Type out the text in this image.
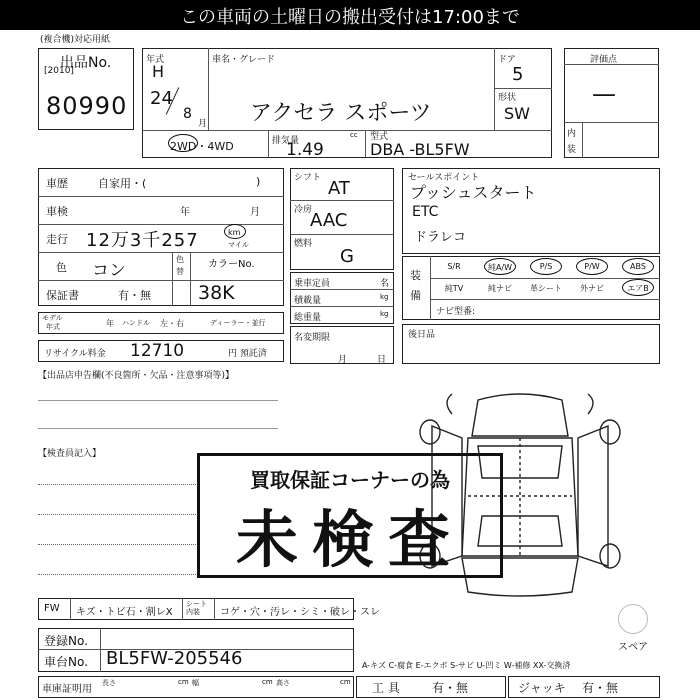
この車両の土曜日の搬出受付は17:00まで
(複合機)対応用紙
出品No.
[2010]
80990
年式
H
24
8
月
車名・グレード
アクセラ スポーツ
ドア
5
形状
SW
2WD・4WD	排気量
cc
1.49
型式
DBA -BL5FW
評価点
—
内
装
車歴	自家用・(	)
車検	年	月
走行 12万3千257	km
マイル
色 コン
色
替
カラーNo.
保証書	有・無 38K
モデル
年式	年 ハンドル 左・右	ディーラー・並行
リサイクル料金 12710	円 預託済
シフト AT
冷房
AAC
燃料
G
乗車定員	名
積載量	kg
総重量	kg
名変期限
月日
セールスポイント
プッシュスタート
ETC
ドラレコ
装備
S/R	純A/W	P/S	P/W	ABS
純TV	純ナビ	革シート	外ナビ	エアB
ナビ型番:
後日品
【出品店申告欄(不良箇所・欠品・注意事項等)】
【検査員記入】
買取保証コーナーの為
未検査
FW キズ・トビ石・割レX
シート内装	コゲ・穴・汚レ・シミ・破レ・スレ
登録No.
車台No. BL5FW-205546
車庫証明用
長さ	cm 幅	cm 高さ	cm
スペア
A-キズ C-腐食 E-エクボ S-サビ U-凹ミ W-補修 XX-交換済
工 具	有・無	ジャッキ 有・無
